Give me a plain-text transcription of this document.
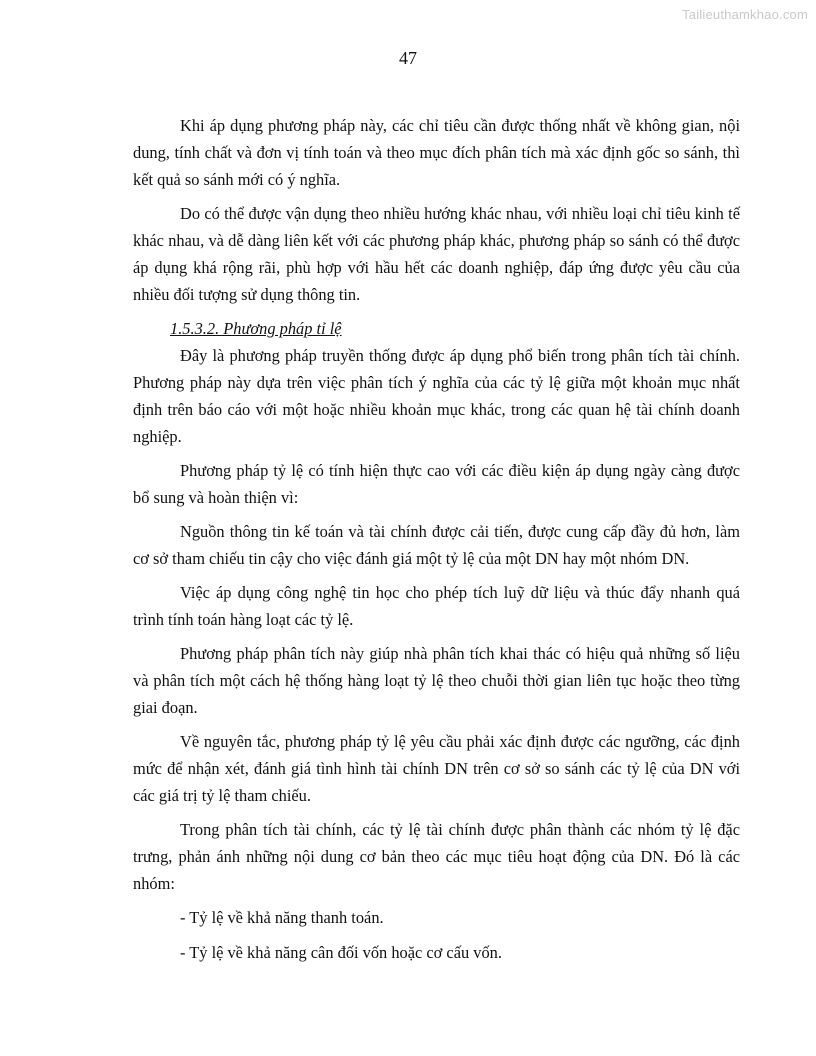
Tailieuthamkhao.com
47

Khi áp dụng phương pháp này, các chỉ tiêu cần được thống nhất về không gian, nội dung, tính chất và đơn vị tính toán và theo mục đích phân tích mà xác định gốc so sánh, thì kết quả so sánh mới có ý nghĩa.

Do có thể được vận dụng theo nhiều hướng khác nhau, với nhiều loại chỉ tiêu kinh tế khác nhau, và dễ dàng liên kết với các phương pháp khác, phương pháp so sánh có thể được áp dụng khá rộng rãi, phù hợp với hầu hết các doanh nghiệp, đáp ứng được yêu cầu của nhiều đối tượng sử dụng thông tin.

1.5.3.2. Phương pháp tỉ lệ

Đây là phương pháp truyền thống được áp dụng phổ biến trong phân tích tài chính. Phương pháp này dựa trên việc phân tích ý nghĩa của các tỷ lệ giữa một khoản mục nhất định trên báo cáo với một hoặc nhiều khoản mục khác, trong các quan hệ tài chính doanh nghiệp.

Phương pháp tỷ lệ có tính hiện thực cao với các điều kiện áp dụng ngày càng được bổ sung và hoàn thiện vì:

Nguồn thông tin kế toán và tài chính được cải tiến, được cung cấp đầy đủ hơn, làm cơ sở tham chiếu tin cậy cho việc đánh giá một tỷ lệ của một DN hay một nhóm DN.

Việc áp dụng công nghệ tin học cho phép tích luỹ dữ liệu và thúc đẩy nhanh quá trình tính toán hàng loạt các tỷ lệ.

Phương pháp phân tích này giúp nhà phân tích khai thác có hiệu quả những số liệu và phân tích một cách hệ thống hàng loạt tỷ lệ theo chuỗi thời gian liên tục hoặc theo từng giai đoạn.

Về nguyên tắc, phương pháp tỷ lệ yêu cầu phải xác định được các ngưỡng, các định mức để nhận xét, đánh giá tình hình tài chính DN trên cơ sở so sánh các tỷ lệ của DN với các giá trị tỷ lệ tham chiếu.

Trong phân tích tài chính, các tỷ lệ tài chính được phân thành các nhóm tỷ lệ đặc trưng, phản ánh những nội dung cơ bản theo các mục tiêu hoạt động của DN. Đó là các nhóm:

- Tỷ lệ về khả năng thanh toán.

- Tỷ lệ về khả năng cân đối vốn hoặc cơ cấu vốn.
